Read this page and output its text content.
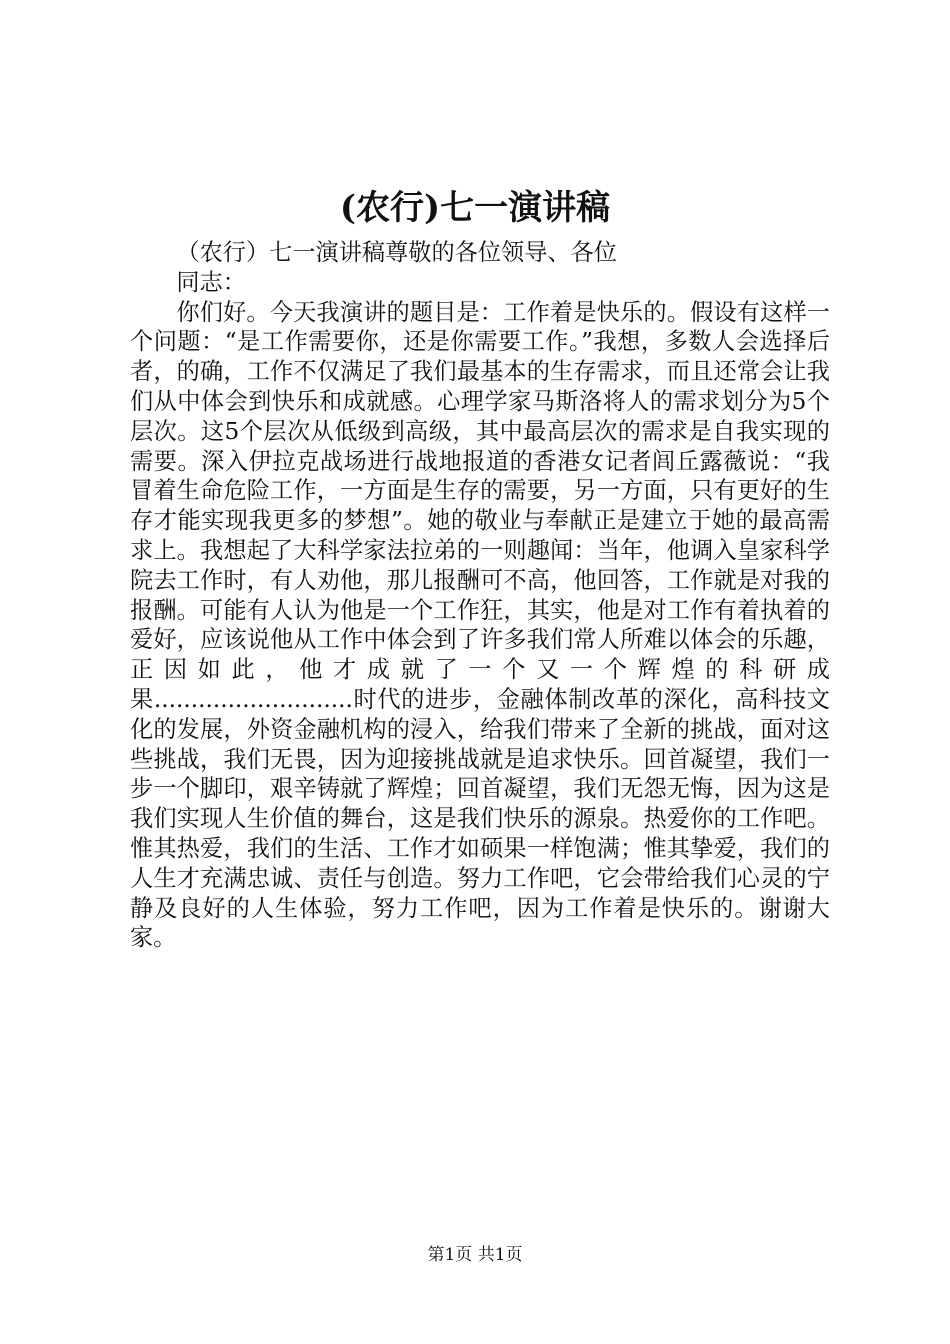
(农行)七一演讲稿

（农行）七一演讲稿尊敬的各位领导、各位

同志：

你们好。今天我演讲的题目是：工作着是快乐的。假设有这样一个问题：“是工作需要你，还是你需要工作。”我想，多数人会选择后者，的确，工作不仅满足了我们最基本的生存需求，而且还常会让我们从中体会到快乐和成就感。心理学家马斯洛将人的需求划分为5个层次。这5个层次从低级到高级，其中最高层次的需求是自我实现的需要。深入伊拉克战场进行战地报道的香港女记者闾丘露薇说：“我冒着生命危险工作，一方面是生存的需要，另一方面，只有更好的生存才能实现我更多的梦想”。她的敬业与奉献正是建立于她的最高需求上。我想起了大科学家法拉弟的一则趣闻：当年，他调入皇家科学院去工作时，有人劝他，那儿报酬可不高，他回答，工作就是对我的报酬。可能有人认为他是一个工作狂，其实，他是对工作有着执着的爱好，应该说他从工作中体会到了许多我们常人所难以体会的乐趣，正因如此，他才成就了一个又一个辉煌的科研成果...........................时代的进步，金融体制改革的深化，高科技文化的发展，外资金融机构的浸入，给我们带来了全新的挑战，面对这些挑战，我们无畏，因为迎接挑战就是追求快乐。回首凝望，我们一步一个脚印，艰辛铸就了辉煌；回首凝望，我们无怨无悔，因为这是我们实现人生价值的舞台，这是我们快乐的源泉。热爱你的工作吧。惟其热爱，我们的生活、工作才如硕果一样饱满；惟其挚爱，我们的人生才充满忠诚、责任与创造。努力工作吧，它会带给我们心灵的宁静及良好的人生体验，努力工作吧，因为工作着是快乐的。谢谢大家。

第1页 共1页
